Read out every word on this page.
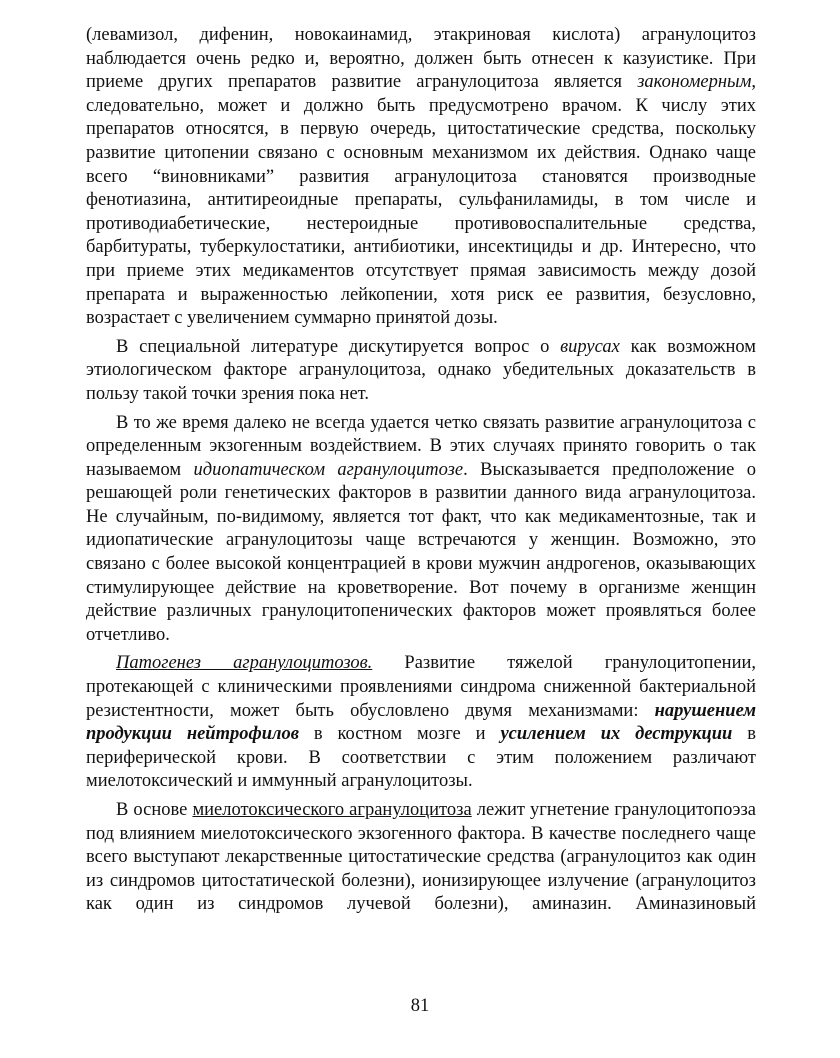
(левамизол, дифенин, новокаинамид, этакриновая кислота) агранулоцитоз наблюдается очень редко и, вероятно, должен быть отнесен к казуистике. При приеме других препаратов развитие агранулоцитоза является закономерным, следовательно, может и должно быть предусмотрено врачом. К числу этих препаратов относятся, в первую очередь, цитостатические средства, поскольку развитие цитопении связано с основным механизмом их действия. Однако чаще всего “виновниками” развития агранулоцитоза становятся производные фенотиазина, антитиреоидные препараты, сульфаниламиды, в том числе и противодиабетические, нестероидные противовоспалительные средства, барбитураты, туберкулостатики, антибиотики, инсектициды и др. Интересно, что при приеме этих медикаментов отсутствует прямая зависимость между дозой препарата и выраженностью лейкопении, хотя риск ее развития, безусловно, возрастает с увеличением суммарно принятой дозы.

В специальной литературе дискутируется вопрос о вирусах как возможном этиологическом факторе агранулоцитоза, однако убедительных доказательств в пользу такой точки зрения пока нет.

В то же время далеко не всегда удается четко связать развитие агранулоцитоза с определенным экзогенным воздействием. В этих случаях принято говорить о так называемом идиопатическом агранулоцитозе. Высказывается предположение о решающей роли генетических факторов в развитии данного вида агранулоцитоза. Не случайным, по-видимому, является тот факт, что как медикаментозные, так и идиопатические агранулоцитозы чаще встречаются у женщин. Возможно, это связано с более высокой концентрацией в крови мужчин андрогенов, оказывающих стимулирующее действие на кроветворение. Вот почему в организме женщин действие различных гранулоцитопенических факторов может проявляться более отчетливо.

Патогенез агранулоцитозов. Развитие тяжелой гранулоцитопении, протекающей с клиническими проявлениями синдрома сниженной бактериальной резистентности, может быть обусловлено двумя механизмами: нарушением продукции нейтрофилов в костном мозге и усилением их деструкции в периферической крови. В соответствии с этим положением различают миелотоксический и иммунный агранулоцитозы.

В основе миелотоксического агранулоцитоза лежит угнетение гранулоцитопоэза под влиянием миелотоксического экзогенного фактора. В качестве последнего чаще всего выступают лекарственные цитостатические средства (агранулоцитоз как один из синдромов цитостатической болезни), ионизирующее излучение (агранулоцитоз как один из синдромов лучевой болезни), аминазин. Аминазиновый

81
